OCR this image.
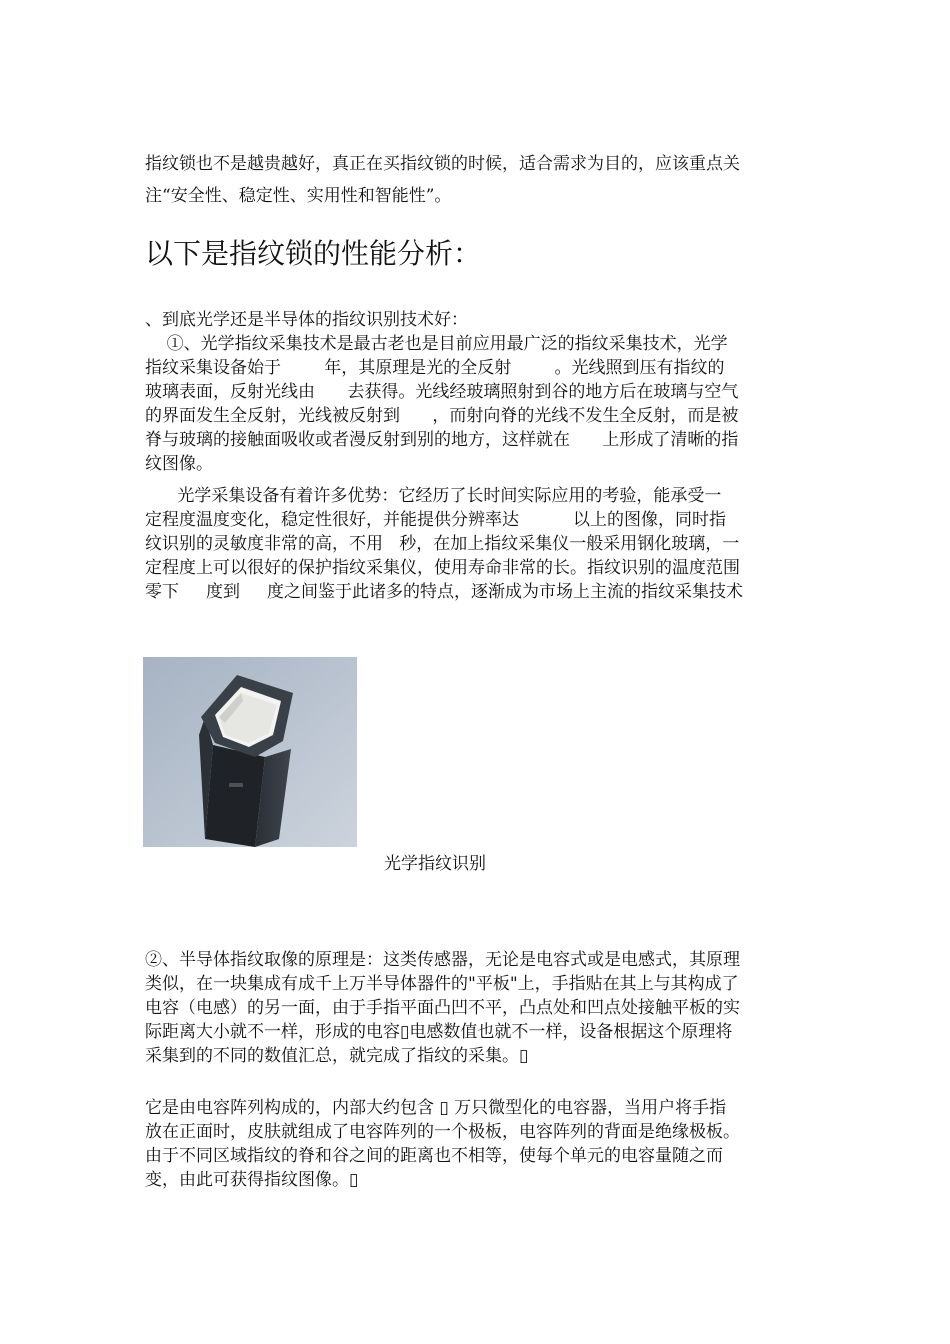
指纹锁也不是越贵越好，真正在买指纹锁的时候，适合需求为目的，应该重点关
注“安全性、稳定性、实用性和智能性”。
以下是指纹锁的性能分析：
、到底光学还是半导体的指纹识别技术好：
①、光学指纹采集技术是最古老也是目前应用最广泛的指纹采集技术，光学
指纹采集设备始于        年，其原理是光的全反射        。光线照到压有指纹的
玻璃表面，反射光线由      去获得。光线经玻璃照射到谷的地方后在玻璃与空气
的界面发生全反射，光线被反射到      ，而射向脊的光线不发生全反射，而是被
脊与玻璃的接触面吸收或者漫反射到别的地方，这样就在      上形成了清晰的指
纹图像。
光学采集设备有着许多优势：它经历了长时间实际应用的考验，能承受一
定程度温度变化，稳定性很好，并能提供分辨率达          以上的图像，同时指
纹识别的灵敏度非常的高，不用   秒，在加上指纹采集仪一般采用钢化玻璃，一
定程度上可以很好的保护指纹采集仪，使用寿命非常的长。指纹识别的温度范围
零下     度到     度之间鉴于此诸多的特点，逐渐成为市场上主流的指纹采集技术

光学指纹识别

②、半导体指纹取像的原理是：这类传感器，无论是电容式或是电感式，其原理
类似，在一块集成有成千上万半导体器件的"平板"上，手指贴在其上与其构成了
电容（电感）的另一面，由于手指平面凸凹不平，凸点处和凹点处接触平板的实
际距离大小就不一样，形成的电容▯电感数值也就不一样，设备根据这个原理将
采集到的不同的数值汇总，就完成了指纹的采集。▯
它是由电容阵列构成的，内部大约包含 ▯ 万只微型化的电容器，当用户将手指
放在正面时，皮肤就组成了电容阵列的一个极板，电容阵列的背面是绝缘极板。
由于不同区域指纹的脊和谷之间的距离也不相等，使每个单元的电容量随之而
变，由此可获得指纹图像。▯
